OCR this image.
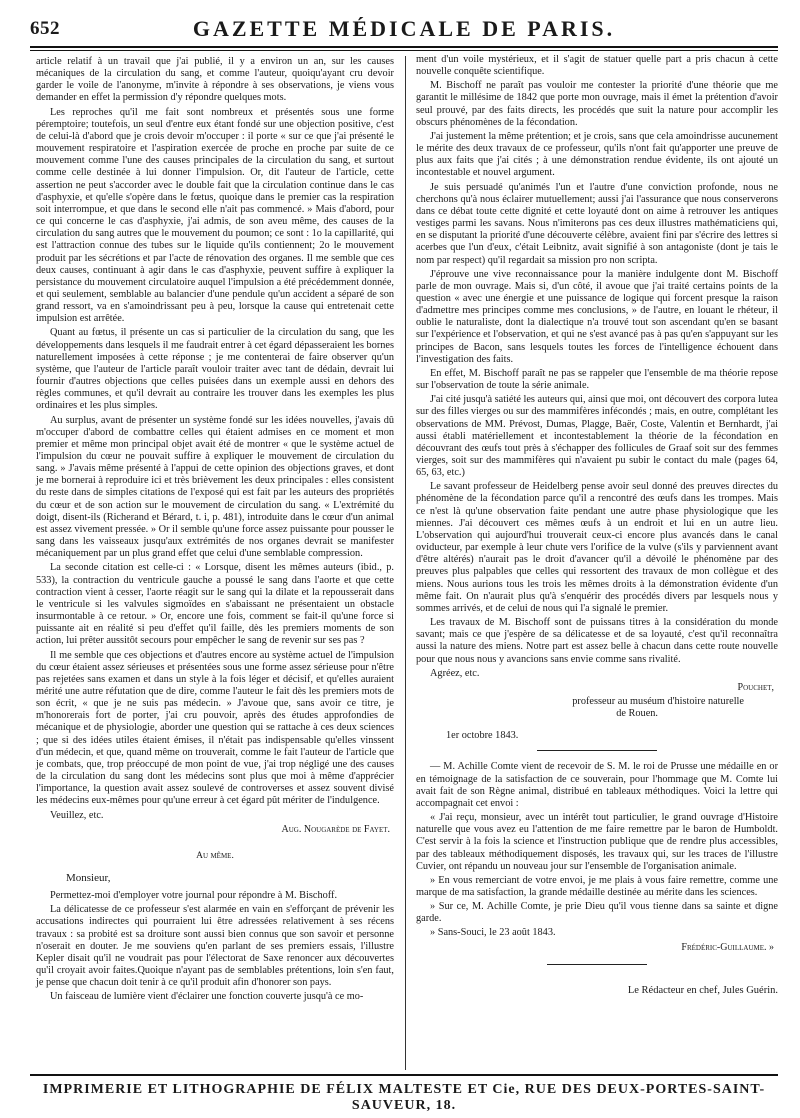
652	GAZETTE MÉDICALE DE PARIS.

article relatif à un travail que j'ai publié, il y a environ un an, sur les causes mécaniques de la circulation du sang, et comme l'auteur, quoiqu'ayant cru devoir garder le voile de l'anonyme, m'invite à répondre à ses observations, je viens vous demander en effet la permission d'y répondre quelques mots.

Les reproches qu'il me fait sont nombreux et présentés sous une forme péremptoire; toutefois, un seul d'entre eux étant fondé sur une objection positive, c'est de celui-là d'abord que je crois devoir m'occuper : il porte « sur ce que j'ai présenté le mouvement respiratoire et l'aspiration exercée de proche en proche par suite de ce mouvement comme l'une des causes principales de la circulation du sang, et surtout comme celle destinée à lui donner l'impulsion. Or, dit l'auteur de l'article, cette assertion ne peut s'accorder avec le double fait que la circulation continue dans le cas d'asphyxie, et qu'elle s'opère dans le fœtus, quoique dans le premier cas la respiration soit interrompue, et que dans le second elle n'ait pas commencé. » Mais d'abord, pour ce qui concerne le cas d'asphyxie, j'ai admis, de son aveu même, des causes de la circulation du sang autres que le mouvement du poumon; ce sont : 1o la capillarité, qui est l'attraction connue des tubes sur le liquide qu'ils contiennent; 2o le mouvement produit par les sécrétions et par l'acte de rénovation des organes. Il me semble que ces deux causes, continuant à agir dans le cas d'asphyxie, peuvent suffire à expliquer la persistance du mouvement circulatoire auquel l'impulsion a été précédemment donnée, et qui seulement, semblable au balancier d'une pendule qu'un accident a séparé de son grand ressort, va en s'amoindrissant peu à peu, lorsque la cause qui entretenait cette impulsion est arrêtée.

Quant au fœtus, il présente un cas si particulier de la circulation du sang, que les développements dans lesquels il me faudrait entrer à cet égard dépasseraient les bornes naturellement imposées à cette réponse ; je me contenterai de faire observer qu'un système, que l'auteur de l'article paraît vouloir traiter avec tant de dédain, devrait lui fournir d'autres objections que celles puisées dans un exemple aussi en dehors des règles communes, et qu'il devrait au contraire les trouver dans les exemples les plus ordinaires et les plus simples.

Au surplus, avant de présenter un système fondé sur les idées nouvelles, j'avais dû m'occuper d'abord de combattre celles qui étaient admises en ce moment et mon premier et même mon principal objet avait été de montrer « que le système actuel de l'impulsion du cœur ne pouvait suffire à expliquer le mouvement de circulation du sang. » J'avais même présenté à l'appui de cette opinion des objections graves, et dont je me bornerai à reproduire ici et très brièvement les deux principales : elles consistent du reste dans de simples citations de l'exposé qui est fait par les auteurs des propriétés du cœur et de son action sur le mouvement de circulation du sang. « L'extrémité du doigt, disent-ils (Richerand et Bérard, t. i, p. 481), introduite dans le cœur d'un animal est assez vivement pressée. » Or il semble qu'une force assez puissante pour pousser le sang dans les vaisseaux jusqu'aux extrémités de nos organes devrait se manifester mécaniquement par un plus grand effet que celui d'une semblable compression.

La seconde citation est celle-ci : « Lorsque, disent les mêmes auteurs (ibid., p. 533), la contraction du ventricule gauche a poussé le sang dans l'aorte et que cette contraction vient à cesser, l'aorte réagit sur le sang qui la dilate et la repousserait dans le ventricule si les valvules sigmoïdes en s'abaissant ne présentaient un obstacle insurmontable à ce retour. » Or, encore une fois, comment se fait-il qu'une force si puissante ait en réalité si peu d'effet qu'il faille, dès les premiers moments de son action, lui prêter aussitôt secours pour empêcher le sang de revenir sur ses pas ?

Il me semble que ces objections et d'autres encore au système actuel de l'impulsion du cœur étaient assez sérieuses et présentées sous une forme assez sérieuse pour n'être pas rejetées sans examen et dans un style à la fois léger et décisif, et qu'elles auraient mérité une autre réfutation que de dire, comme l'auteur le fait dès les premiers mots de son écrit, « que je ne suis pas médecin. » J'avoue que, sans avoir ce titre, je m'honorerais fort de porter, j'ai cru pouvoir, après des études approfondies de mécanique et de physiologie, aborder une question qui se rattache à ces deux sciences ; que si des idées utiles étaient émises, il n'était pas indispensable qu'elles vinssent d'un médecin, et que, quand même on trouverait, comme le fait l'auteur de l'article que je combats, que, trop préoccupé de mon point de vue, j'ai trop négligé une des causes de la circulation du sang dont les médecins sont plus que moi à même d'apprécier l'importance, la question avait assez soulevé de controverses et assez souvent divisé les médecins eux-mêmes pour qu'une erreur à cet égard pût mériter de l'indulgence.

Veuillez, etc.

Aug. Nougarède de Fayet.
Au même.
Monsieur,

Permettez-moi d'employer votre journal pour répondre à M. Bischoff.

La délicatesse de ce professeur s'est alarmée en vain en s'efforçant de prévenir les accusations indirectes qui pourraient lui être adressées relativement à ses récens travaux : sa probité est sa droiture sont aussi bien connus que son savoir et personne n'oserait en douter. Je me souviens qu'en parlant de ses premiers essais, l'illustre Kepler disait qu'il ne voudrait pas pour l'électorat de Saxe renoncer aux découvertes qu'il croyait avoir faites.Quoique n'ayant pas de semblables prétentions, loin s'en faut, je pense que chacun doit tenir à ce qu'il produit afin d'honorer son pays.

Un faisceau de lumière vient d'éclairer une fonction couverte jusqu'à ce mo-

ment d'un voile mystérieux, et il s'agit de statuer quelle part a pris chacun à cette nouvelle conquête scientifique.

M. Bischoff ne paraît pas vouloir me contester la priorité d'une théorie que me garantit le millésime de 1842 que porte mon ouvrage, mais il émet la prétention d'avoir seul prouvé, par des faits directs, les procédés que suit la nature pour accomplir les obscurs phénomènes de la fécondation.

J'ai justement la même prétention; et je crois, sans que cela amoindrisse aucunement le mérite des deux travaux de ce professeur, qu'ils n'ont fait qu'apporter une preuve de plus aux faits que j'ai cités ; à une démonstration rendue évidente, ils ont ajouté un incontestable et nouvel argument.

Je suis persuadé qu'animés l'un et l'autre d'une conviction profonde, nous ne cherchons qu'à nous éclairer mutuellement; aussi j'ai l'assurance que nous conserverons dans ce débat toute cette dignité et cette loyauté dont on aime à retrouver les antiques vestiges parmi les savans. Nous n'imiterons pas ces deux illustres mathématiciens qui, en se disputant la priorité d'une découverte célèbre, avaient fini par s'écrire des lettres si acerbes que l'un d'eux, c'était Leibnitz, avait signifié à son antagoniste (dont je tais le nom par respect) qu'il regardait sa mission pro non scripta.

J'éprouve une vive reconnaissance pour la manière indulgente dont M. Bischoff parle de mon ouvrage. Mais si, d'un côté, il avoue que j'ai traité certains points de la question « avec une énergie et une puissance de logique qui forcent presque la raison d'admettre mes principes comme mes conclusions, » de l'autre, en louant le rhéteur, il oublie le naturaliste, dont la dialectique n'a trouvé tout son ascendant qu'en se basant sur l'expérience et l'observation, et qui ne s'est avancé pas à pas qu'en s'appuyant sur les principes de Bacon, sans lesquels toutes les forces de l'intelligence échouent dans l'investigation des faits.

En effet, M. Bischoff paraît ne pas se rappeler que l'ensemble de ma théorie repose sur l'observation de toute la série animale.

J'ai cité jusqu'à satiété les auteurs qui, ainsi que moi, ont découvert des corpora lutea sur des filles vierges ou sur des mammifères infécondés ; mais, en outre, complétant les observations de MM. Prévost, Dumas, Plagge, Baër, Coste, Valentin et Bernhardt, j'ai aussi établi matériellement et incontestablement la théorie de la fécondation en découvrant des œufs tout près à s'échapper des follicules de Graaf soit sur des femmes vierges, soit sur des mammifères qui n'avaient pu subir le contact du male (pages 64, 65, 63, etc.)

Le savant professeur de Heidelberg pense avoir seul donné des preuves directes du phénomène de la fécondation parce qu'il a rencontré des œufs dans les trompes. Mais ce n'est là qu'une observation faite pendant une autre phase physiologique que les miennes. J'ai découvert ces mêmes œufs à un endroit et lui en un autre lieu. L'observation qui aujourd'hui trouverait ceux-ci encore plus avancés dans le canal oviducteur, par exemple à leur chute vers l'orifice de la vulve (s'ils y parviennent avant d'être altérés) n'aurait pas le droit d'avancer qu'il a dévoilé le phénomène par des preuves plus palpables que celles qui ressortent des travaux de mon collègue et des miens. Nous aurions tous les trois les mêmes droits à la démonstration évidente d'un même fait. On n'aurait plus qu'à s'enquérir des procédés divers par lesquels nous y sommes arrivés, et de celui de nous qui l'a signalé le premier.

Les travaux de M. Bischoff sont de puissans titres à la considération du monde savant; mais ce que j'espère de sa délicatesse et de sa loyauté, c'est qu'il reconnaîtra aussi la nature des miens. Notre part est assez belle à chacun dans cette route nouvelle pour que nous nous y avancions sans envie comme sans rivalité.

Agréez, etc.

Pouchet,
professeur au muséum d'histoire naturelle
de Rouen.
1er octobre 1843.

— M. Achille Comte vient de recevoir de S. M. le roi de Prusse une médaille en or en témoignage de la satisfaction de ce souverain, pour l'hommage que M. Comte lui avait fait de son Règne animal, distribué en tableaux méthodiques. Voici la lettre qui accompagnait cet envoi :

« J'ai reçu, monsieur, avec un intérêt tout particulier, le grand ouvrage d'Histoire naturelle que vous avez eu l'attention de me faire remettre par le baron de Humboldt. C'est servir à la fois la science et l'instruction publique que de rendre plus accessibles, par des tableaux méthodiquement disposés, les travaux qui, sur les traces de l'illustre Cuvier, ont répandu un nouveau jour sur l'ensemble de l'organisation animale.

» En vous remerciant de votre envoi, je me plais à vous faire remettre, comme une marque de ma satisfaction, la grande médaille destinée au mérite dans les sciences.

» Sur ce, M. Achille Comte, je prie Dieu qu'il vous tienne dans sa sainte et digne garde.

» Sans-Souci, le 23 août 1843.

Frédéric-Guillaume. »
Le Rédacteur en chef, Jules Guérin.
IMPRIMERIE ET LITHOGRAPHIE DE FÉLIX MALTESTE ET Cie, RUE DES DEUX-PORTES-SAINT-SAUVEUR, 18.
